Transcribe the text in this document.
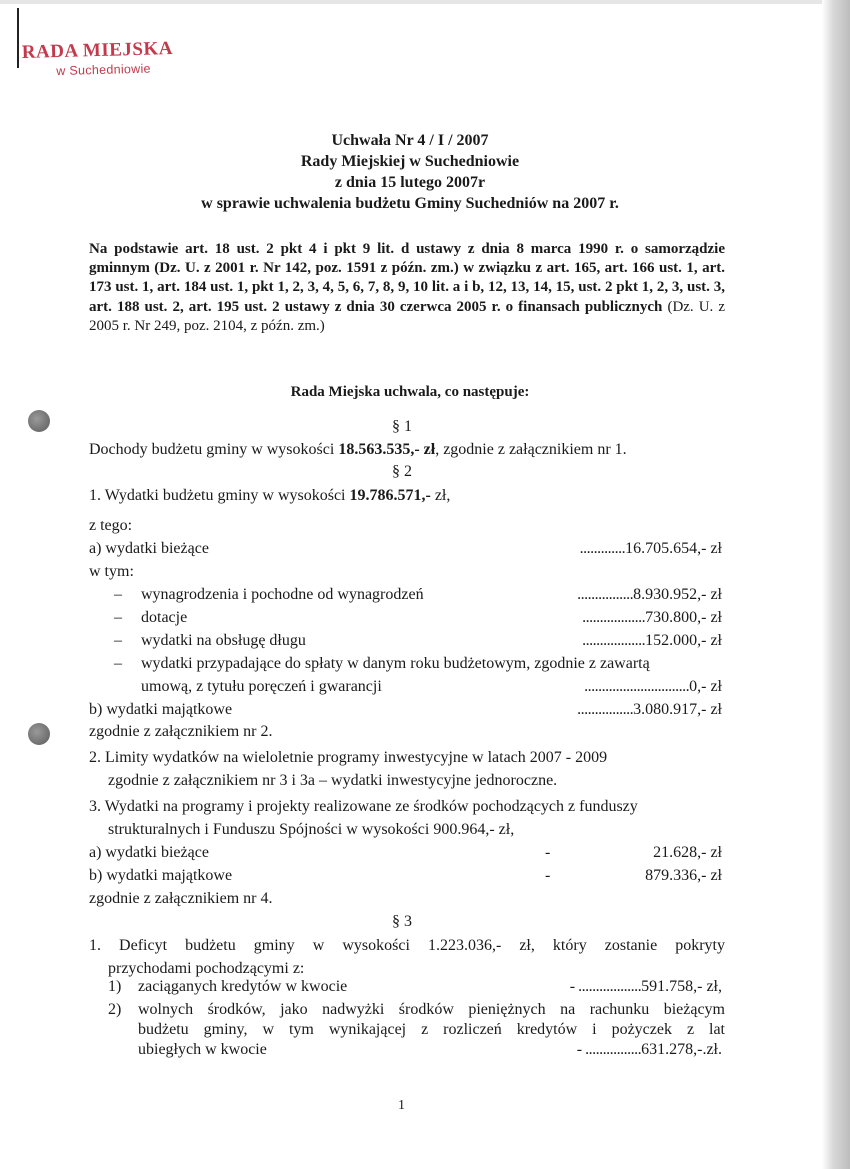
RADA MIEJSKA
w Suchedniowie
Uchwała Nr 4 / I / 2007
Rady Miejskiej w Suchedniowie
z dnia 15 lutego 2007r
w sprawie uchwalenia budżetu Gminy Suchedniów na 2007 r.
Na podstawie art. 18 ust. 2 pkt 4 i pkt 9 lit. d ustawy z dnia 8 marca 1990 r. o samorządzie gminnym (Dz. U. z 2001 r. Nr 142, poz. 1591 z późn. zm.) w związku z art. 165, art. 166 ust. 1, art. 173 ust. 1, art. 184 ust. 1, pkt 1, 2, 3, 4, 5, 6, 7, 8, 9, 10 lit. a i b, 12, 13, 14, 15, ust. 2 pkt 1, 2, 3, ust. 3, art. 188 ust. 2, art. 195 ust. 2 ustawy z dnia 30 czerwca 2005 r. o finansach publicznych (Dz. U. z 2005 r. Nr 249, poz. 2104, z późn. zm.)
Rada Miejska uchwala, co następuje:
§ 1
Dochody budżetu gminy w wysokości 18.563.535,- zł, zgodnie z załącznikiem nr 1.
§ 2
1. Wydatki budżetu gminy w wysokości 19.786.571,- zł,
z tego:
a) wydatki bieżące	.............16.705.654,- zł
w tym:
– wynagrodzenia i pochodne od wynagrodzeń	................8.930.952,- zł
– dotacje	..................730.800,- zł
– wydatki na obsługę długu	..................152.000,- zł
– wydatki przypadające do spłaty w danym roku budżetowym, zgodnie z zawartą
umową, z tytułu poręczeń i gwarancji	..............................0,- zł
b) wydatki majątkowe	................3.080.917,- zł
zgodnie z załącznikiem nr 2.
2. Limity wydatków na wieloletnie programy inwestycyjne w latach 2007 - 2009
zgodnie z załącznikiem nr 3 i 3a – wydatki inwestycyjne jednoroczne.
3. Wydatki na programy i projekty realizowane ze środków pochodzących z funduszy
strukturalnych i Funduszu Spójności w wysokości 900.964,- zł,
a) wydatki bieżące	-	21.628,- zł
b) wydatki majątkowe	-	879.336,- zł
zgodnie z załącznikiem nr 4.
§ 3
1. Deficyt budżetu gminy w wysokości 1.223.036,- zł, który zostanie pokryty
przychodami pochodzącymi z:
1) zaciąganych kredytów w kwocie	- ..................591.758,- zł,
2) wolnych środków, jako nadwyżki środków pieniężnych na rachunku bieżącym
budżetu gminy, w tym wynikającej z rozliczeń kredytów i pożyczek z lat
ubiegłych w kwocie	- ................631.278,-.zł.
1
